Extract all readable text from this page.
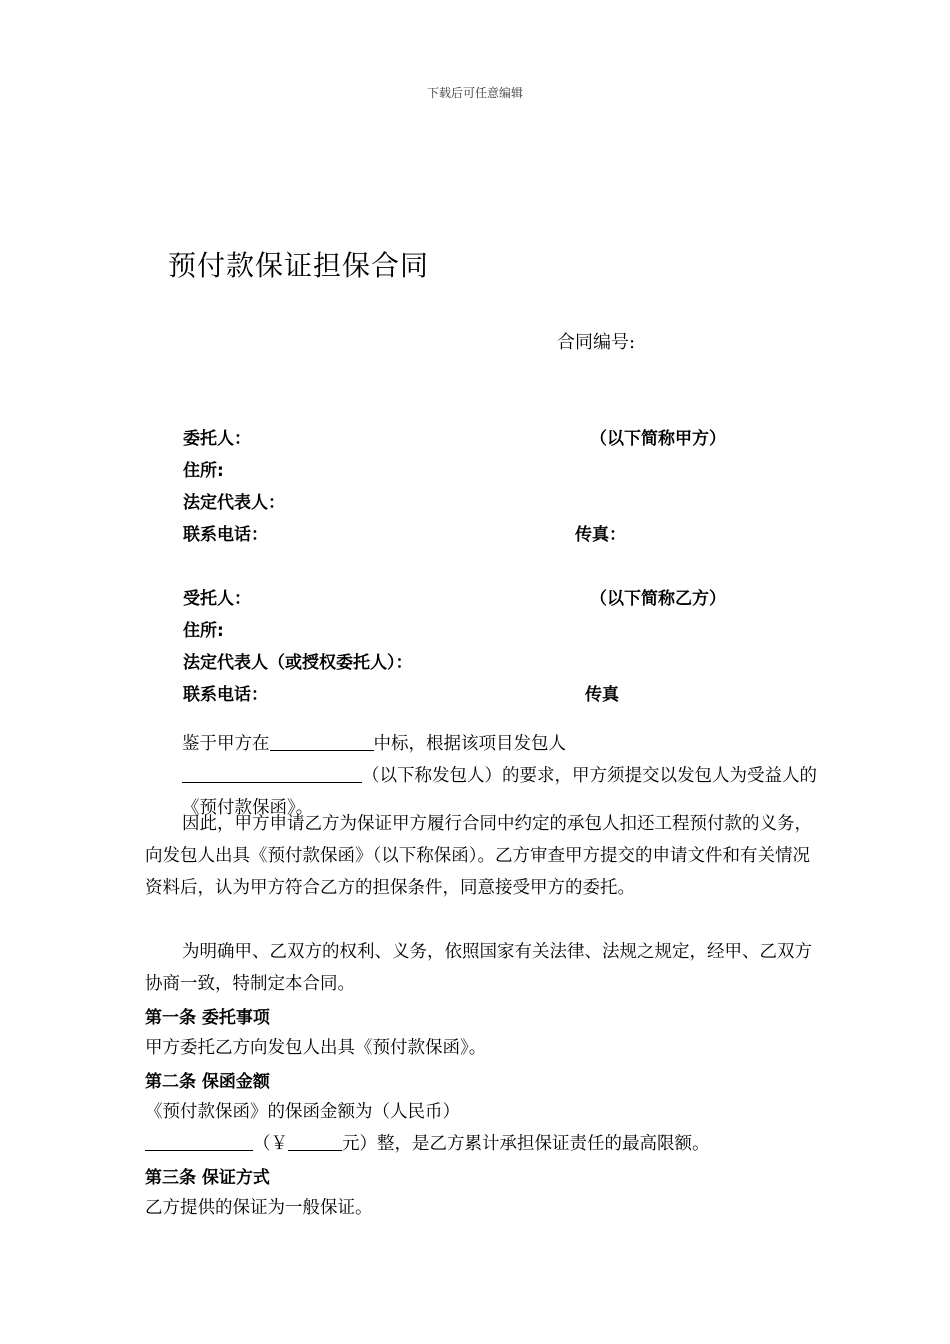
下载后可任意编辑
预付款保证担保合同
合同编号:
委托人：	（以下简称甲方）
住所:
法定代表人：
联系电话：	传真：
受托人：	（以下简称乙方）
住所:
法定代表人（或授权委托人）：
联系电话：	传真
鉴于甲方在	中标，根据该项目发包人
（以下称发包人）的要求，甲方须提交以发包人为受益人的《预付款保函》。
因此，甲方申请乙方为保证甲方履行合同中约定的承包人扣还工程预付款的义务，向发包人出具《预付款保函》（以下称保函）。乙方审查甲方提交的申请文件和有关情况资料后，认为甲方符合乙方的担保条件，同意接受甲方的委托。
为明确甲、乙双方的权利、义务，依照国家有关法律、法规之规定，经甲、乙双方协商一致，特制定本合同。
第一条 委托事项
甲方委托乙方向发包人出具《预付款保函》。
第二条 保函金额
《预付款保函》的保函金额为（人民币）
（￥	元）整，是乙方累计承担保证责任的最高限额。
第三条 保证方式
乙方提供的保证为一般保证。
